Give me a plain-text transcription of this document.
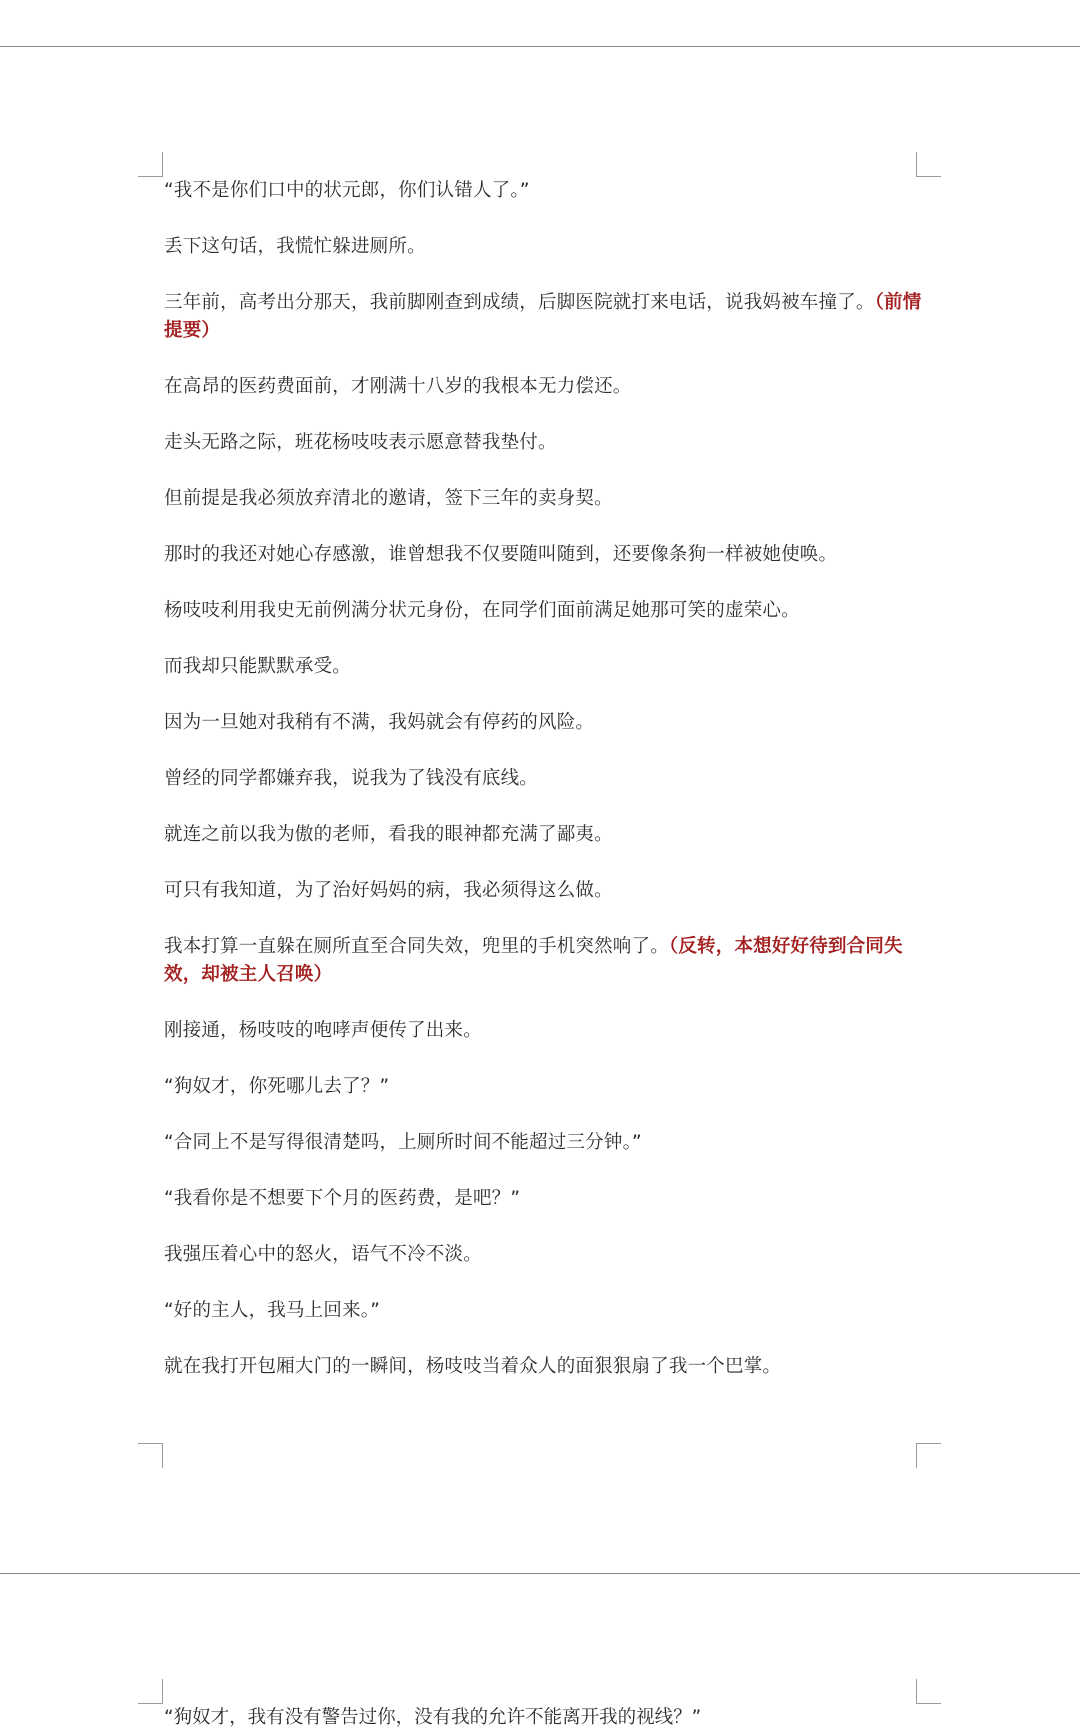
“我不是你们口中的状元郎，你们认错人了。”

丢下这句话，我慌忙躲进厕所。

三年前，高考出分那天，我前脚刚查到成绩，后脚医院就打来电话，说我妈被车撞了。（前情提要）

在高昂的医药费面前，才刚满十八岁的我根本无力偿还。

走头无路之际，班花杨吱吱表示愿意替我垫付。

但前提是我必须放弃清北的邀请，签下三年的卖身契。

那时的我还对她心存感激，谁曾想我不仅要随叫随到，还要像条狗一样被她使唤。

杨吱吱利用我史无前例满分状元身份，在同学们面前满足她那可笑的虚荣心。

而我却只能默默承受。

因为一旦她对我稍有不满，我妈就会有停药的风险。

曾经的同学都嫌弃我，说我为了钱没有底线。

就连之前以我为傲的老师，看我的眼神都充满了鄙夷。

可只有我知道，为了治好妈妈的病，我必须得这么做。

我本打算一直躲在厕所直至合同失效，兜里的手机突然响了。（反转，本想好好待到合同失效，却被主人召唤）

刚接通，杨吱吱的咆哮声便传了出来。

“狗奴才，你死哪儿去了？”

“合同上不是写得很清楚吗，上厕所时间不能超过三分钟。”

“我看你是不想要下个月的医药费，是吧？”

我强压着心中的怒火，语气不冷不淡。

“好的主人，我马上回来。”

就在我打开包厢大门的一瞬间，杨吱吱当着众人的面狠狠扇了我一个巴掌。

“狗奴才，我有没有警告过你，没有我的允许不能离开我的视线？”
